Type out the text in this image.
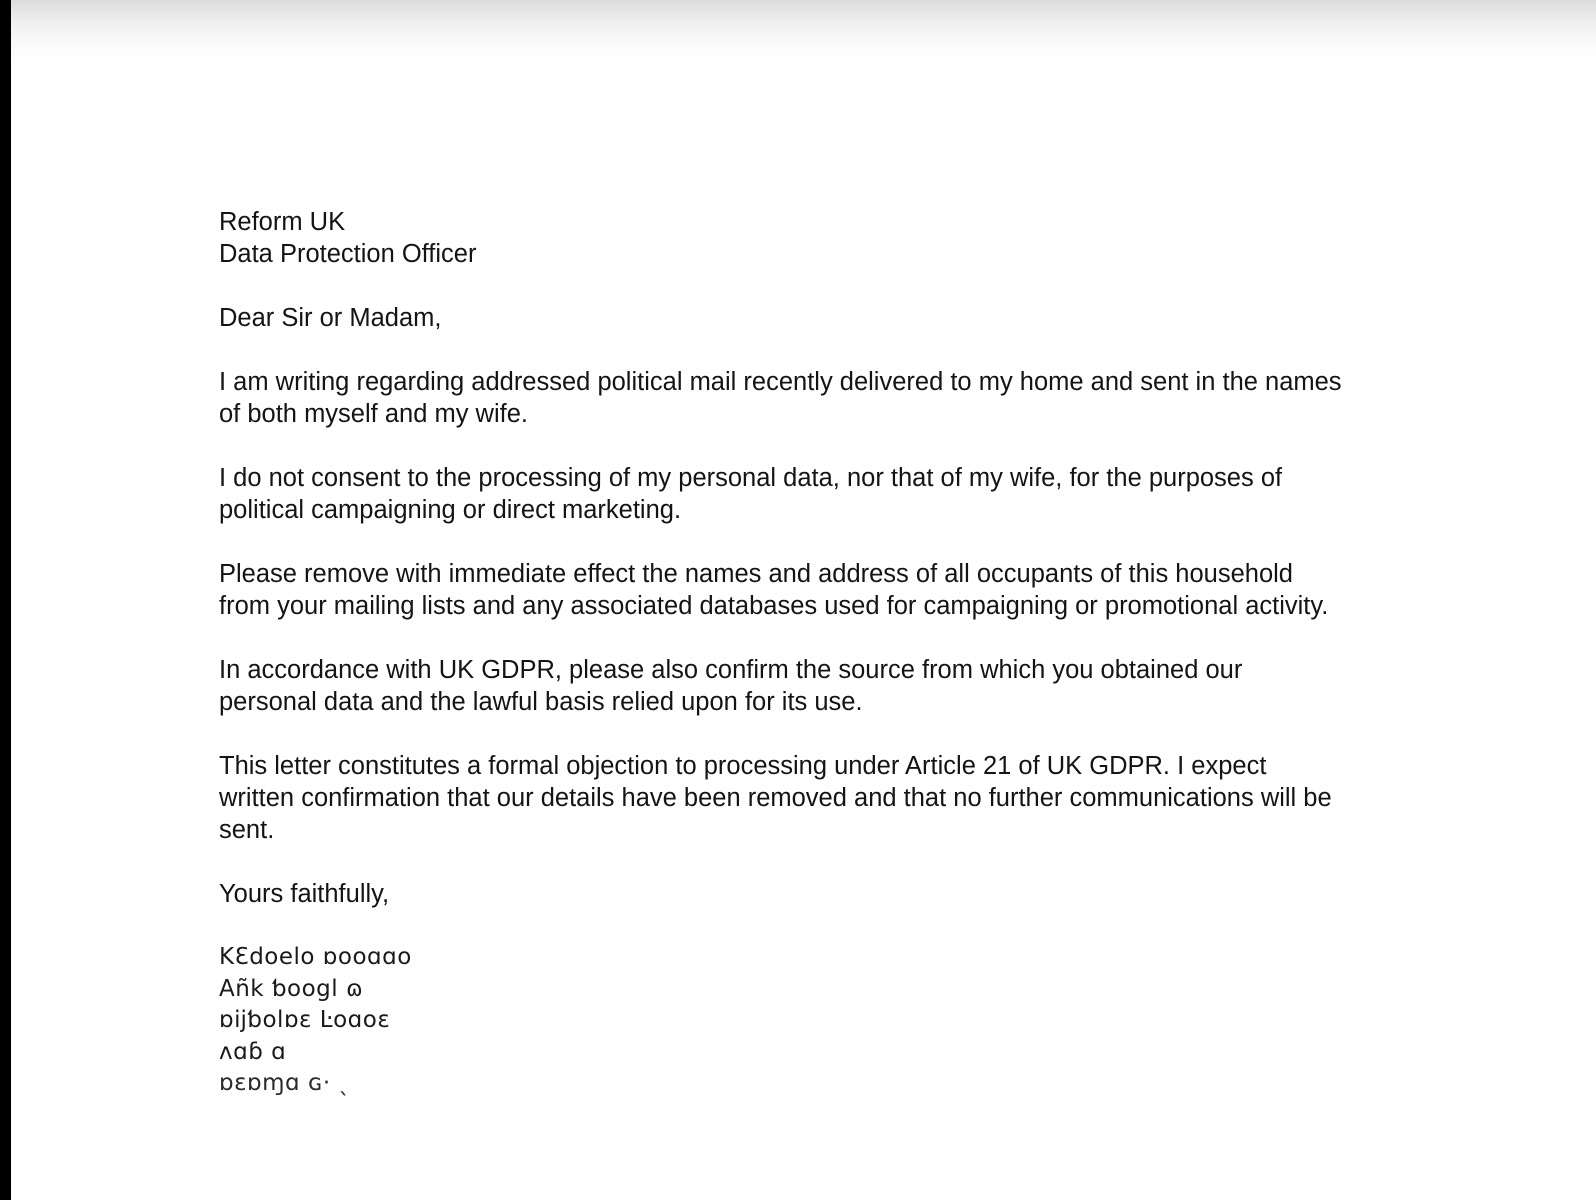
Reform UK
Data Protection Officer
Dear Sir or Madam,
I am writing regarding addressed political mail recently delivered to my home and sent in the names
of both myself and my wife.
I do not consent to the processing of my personal data, nor that of my wife, for the purposes of
political campaigning or direct marketing.
Please remove with immediate effect the names and address of all occupants of this household
from your mailing lists and any associated databases used for campaigning or promotional activity.
In accordance with UK GDPR, please also confirm the source from which you obtained our
personal data and the lawful basis relied upon for its use.
This letter constitutes a formal objection to processing under Article 21 of UK GDPR. I expect
written confirmation that our details have been removed and that no further communications will be
sent.
Yours faithfully,
KƐdoelo ɒooɑɑo
Añk ƅoogl ɷ
ɒĳƅolɒɛ Ŀoɑoɛ
ʌɑɓ ɑ
ɒɛɒɱɑ ɢ· ˎ
